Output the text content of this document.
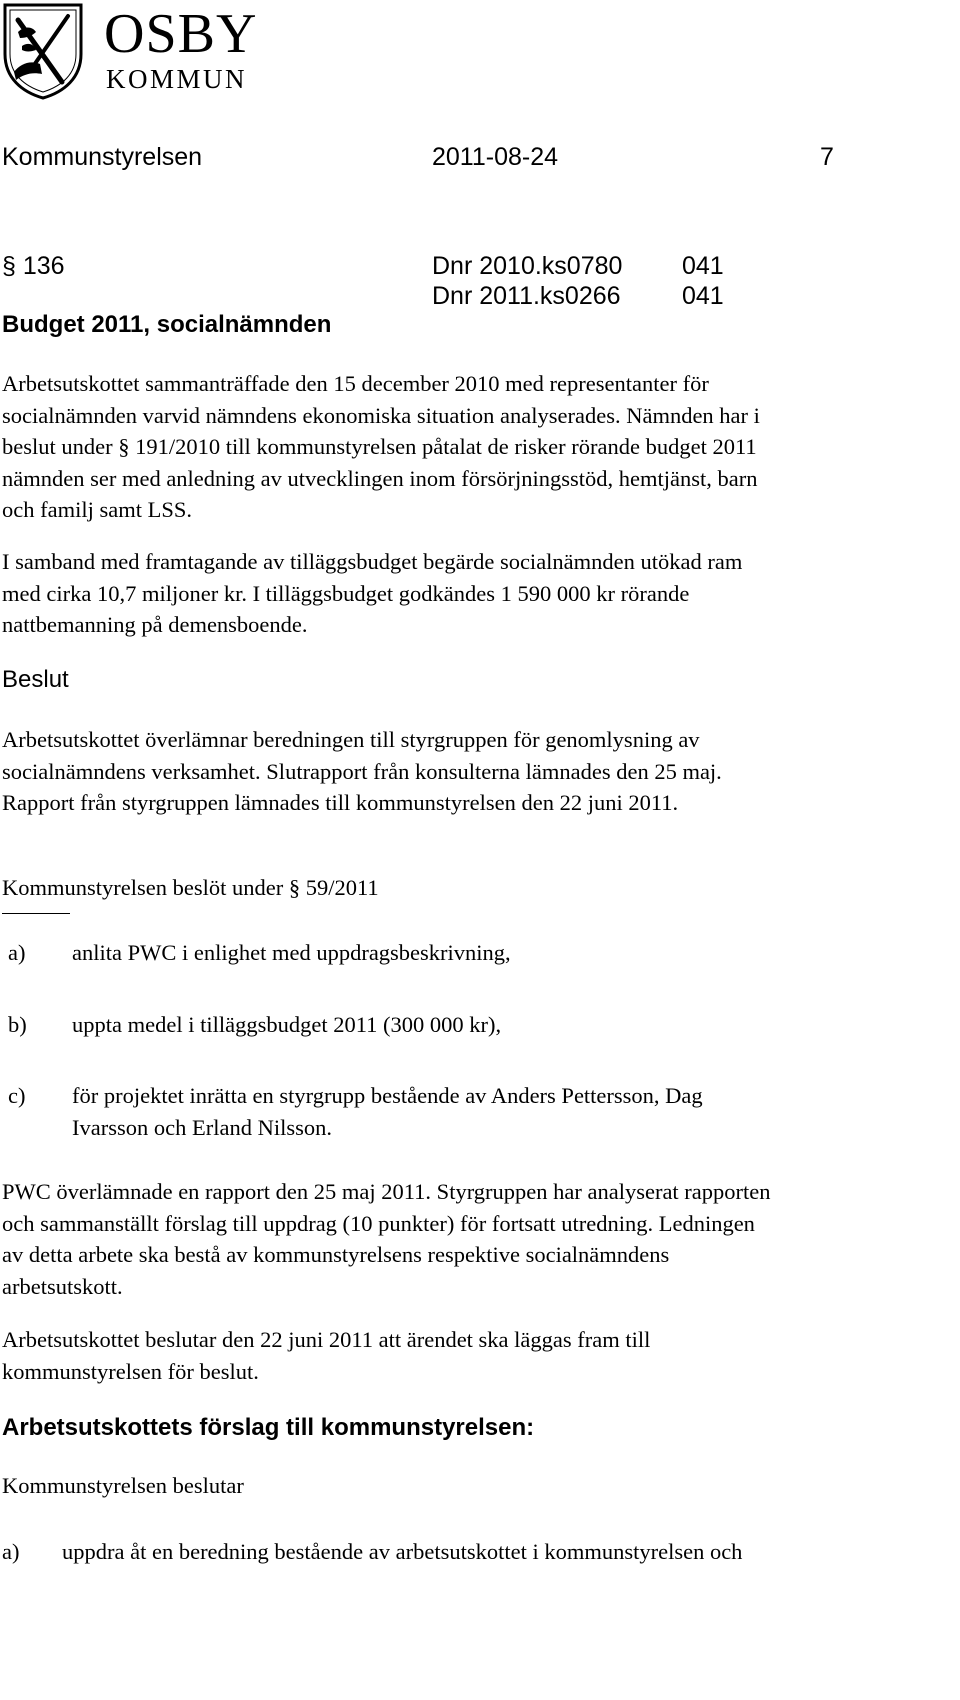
OSBY
KOMMUN
Kommunstyrelsen	2011-08-24	7
§ 136	Dnr 2010.ks0780 041
Dnr 2011.ks0266 041
Budget 2011, socialnämnden
Arbetsutskottet sammanträffade den 15 december 2010 med representanter för
socialnämnden varvid nämndens ekonomiska situation analyserades. Nämnden har i
beslut under § 191/2010 till kommunstyrelsen påtalat de risker rörande budget 2011
nämnden ser med anledning av utvecklingen inom försörjningsstöd, hemtjänst, barn
och familj samt LSS.
I samband med framtagande av tilläggsbudget begärde socialnämnden utökad ram
med cirka 10,7 miljoner kr. I tilläggsbudget godkändes 1 590 000 kr rörande
nattbemanning på demensboende.
Beslut
Arbetsutskottet överlämnar beredningen till styrgruppen för genomlysning av
socialnämndens verksamhet. Slutrapport från konsulterna lämnades den 25 maj.
Rapport från styrgruppen lämnades till kommunstyrelsen den 22 juni 2011.
Kommunstyrelsen beslöt under § 59/2011
a) anlita PWC i enlighet med uppdragsbeskrivning,
b) uppta medel i tilläggsbudget 2011 (300 000 kr),
c) för projektet inrätta en styrgrupp bestående av Anders Pettersson, Dag
Ivarsson och Erland Nilsson.
PWC överlämnade en rapport den 25 maj 2011. Styrgruppen har analyserat rapporten
och sammanställt förslag till uppdrag (10 punkter) för fortsatt utredning. Ledningen
av detta arbete ska bestå av kommunstyrelsens respektive socialnämndens
arbetsutskott.
Arbetsutskottet beslutar den 22 juni 2011 att ärendet ska läggas fram till
kommunstyrelsen för beslut.
Arbetsutskottets förslag till kommunstyrelsen:
Kommunstyrelsen beslutar
a) uppdra åt en beredning bestående av arbetsutskottet i kommunstyrelsen och
